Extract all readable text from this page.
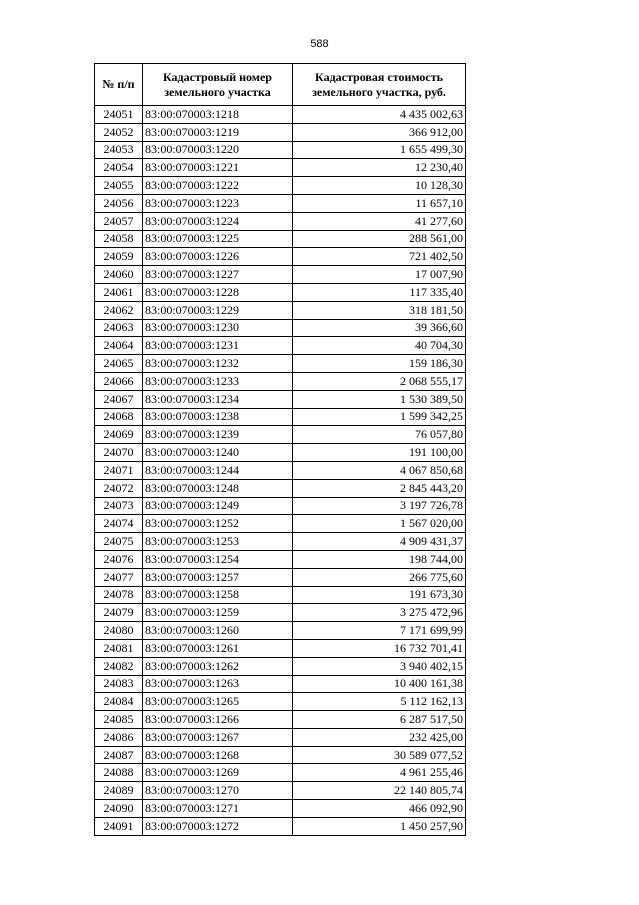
588
№ п/п	Кадастровый номер земельного участка	Кадастровая стоимость земельного участка, руб.
24051	83:00:070003:1218	4 435 002,63
24052	83:00:070003:1219	366 912,00
24053	83:00:070003:1220	1 655 499,30
24054	83:00:070003:1221	12 230,40
24055	83:00:070003:1222	10 128,30
24056	83:00:070003:1223	11 657,10
24057	83:00:070003:1224	41 277,60
24058	83:00:070003:1225	288 561,00
24059	83:00:070003:1226	721 402,50
24060	83:00:070003:1227	17 007,90
24061	83:00:070003:1228	117 335,40
24062	83:00:070003:1229	318 181,50
24063	83:00:070003:1230	39 366,60
24064	83:00:070003:1231	40 704,30
24065	83:00:070003:1232	159 186,30
24066	83:00:070003:1233	2 068 555,17
24067	83:00:070003:1234	1 530 389,50
24068	83:00:070003:1238	1 599 342,25
24069	83:00:070003:1239	76 057,80
24070	83:00:070003:1240	191 100,00
24071	83:00:070003:1244	4 067 850,68
24072	83:00:070003:1248	2 845 443,20
24073	83:00:070003:1249	3 197 726,78
24074	83:00:070003:1252	1 567 020,00
24075	83:00:070003:1253	4 909 431,37
24076	83:00:070003:1254	198 744,00
24077	83:00:070003:1257	266 775,60
24078	83:00:070003:1258	191 673,30
24079	83:00:070003:1259	3 275 472,96
24080	83:00:070003:1260	7 171 699,99
24081	83:00:070003:1261	16 732 701,41
24082	83:00:070003:1262	3 940 402,15
24083	83:00:070003:1263	10 400 161,38
24084	83:00:070003:1265	5 112 162,13
24085	83:00:070003:1266	6 287 517,50
24086	83:00:070003:1267	232 425,00
24087	83:00:070003:1268	30 589 077,52
24088	83:00:070003:1269	4 961 255,46
24089	83:00:070003:1270	22 140 805,74
24090	83:00:070003:1271	466 092,90
24091	83:00:070003:1272	1 450 257,90
